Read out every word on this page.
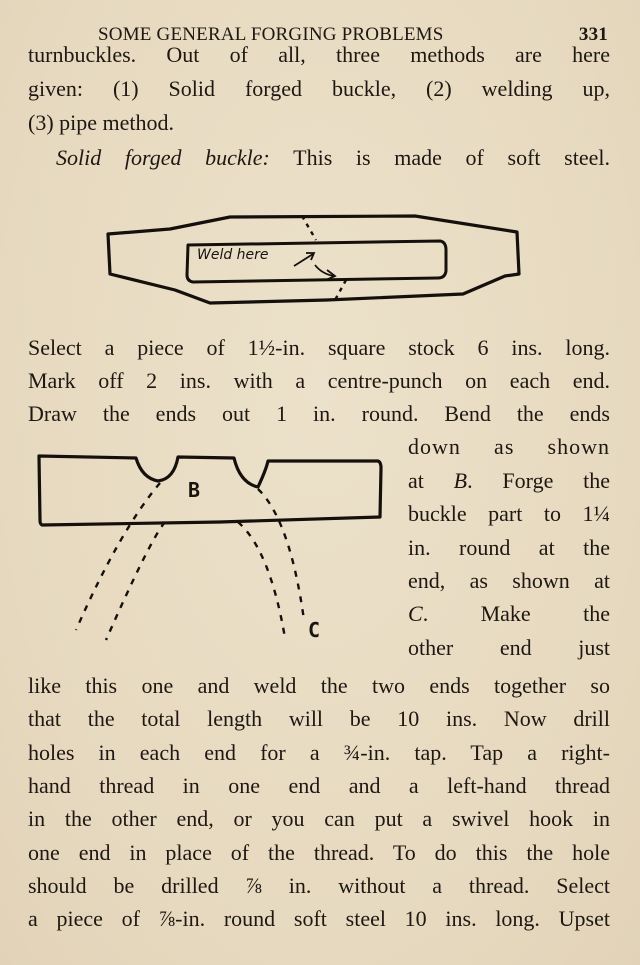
SOME GENERAL FORGING PROBLEMS	331
turnbuckles. Out of all, three methods are here
given: (1) Solid forged buckle, (2) welding up,
(3) pipe method.
Solid forged buckle: This is made of soft steel.
Weld here
Select a piece of 1½-in. square stock 6 ins. long.
Mark off 2 ins. with a centre-punch on each end.
Draw the ends out 1 in. round. Bend the ends
B
C
down as shown
at B. Forge the
buckle part to 1¼
in. round at the
end, as shown at
C. Make the
other end just
like this one and weld the two ends together so
that the total length will be 10 ins. Now drill
holes in each end for a ¾-in. tap. Tap a right-
hand thread in one end and a left-hand thread
in the other end, or you can put a swivel hook in
one end in place of the thread. To do this the hole
should be drilled ⅞ in. without a thread. Select
a piece of ⅞-in. round soft steel 10 ins. long. Upset
